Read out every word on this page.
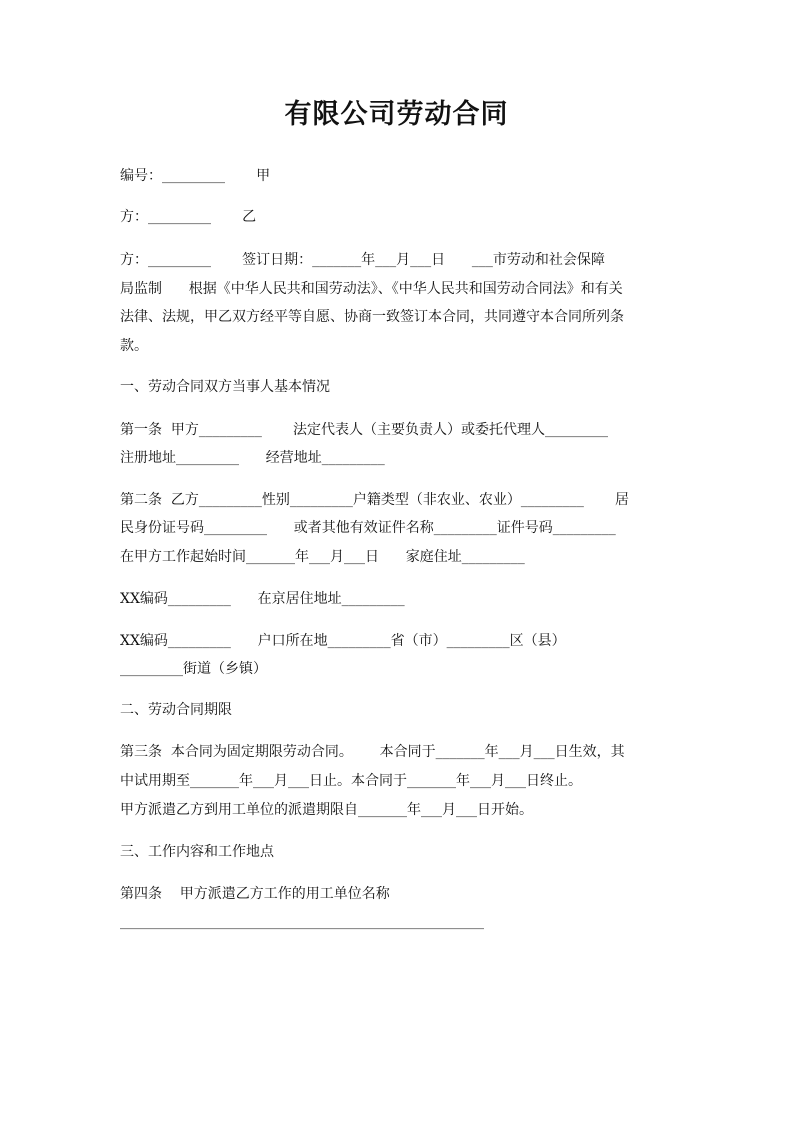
有限公司劳动合同
编号：_________       甲
方：_________       乙
方：_________       签订日期：_______年___月___日      ___市劳动和社会保障
局监制      根据《中华人民共和国劳动法》、《中华人民共和国劳动合同法》和有关
法律、法规，甲乙双方经平等自愿、协商一致签订本合同，共同遵守本合同所列条
款。
一、劳动合同双方当事人基本情况
第一条  甲方_________       法定代表人（主要负责人）或委托代理人_________
注册地址_________      经营地址_________
第二条  乙方_________性别_________户籍类型（非农业、农业）_________       居
民身份证号码_________      或者其他有效证件名称_________证件号码_________
在甲方工作起始时间_______年___月___日      家庭住址_________
XX编码_________      在京居住地址_________
XX编码_________      户口所在地_________省（市）_________区（县）
_________街道（乡镇）
二、劳动合同期限
第三条  本合同为固定期限劳动合同。      本合同于_______年___月___日生效，其
中试用期至_______年___月___日止。本合同于_______年___月___日终止。
甲方派遣乙方到用工单位的派遣期限自_______年___月___日开始。
三、工作内容和工作地点
第四条    甲方派遣乙方工作的用工单位名称
____________________________________________________
